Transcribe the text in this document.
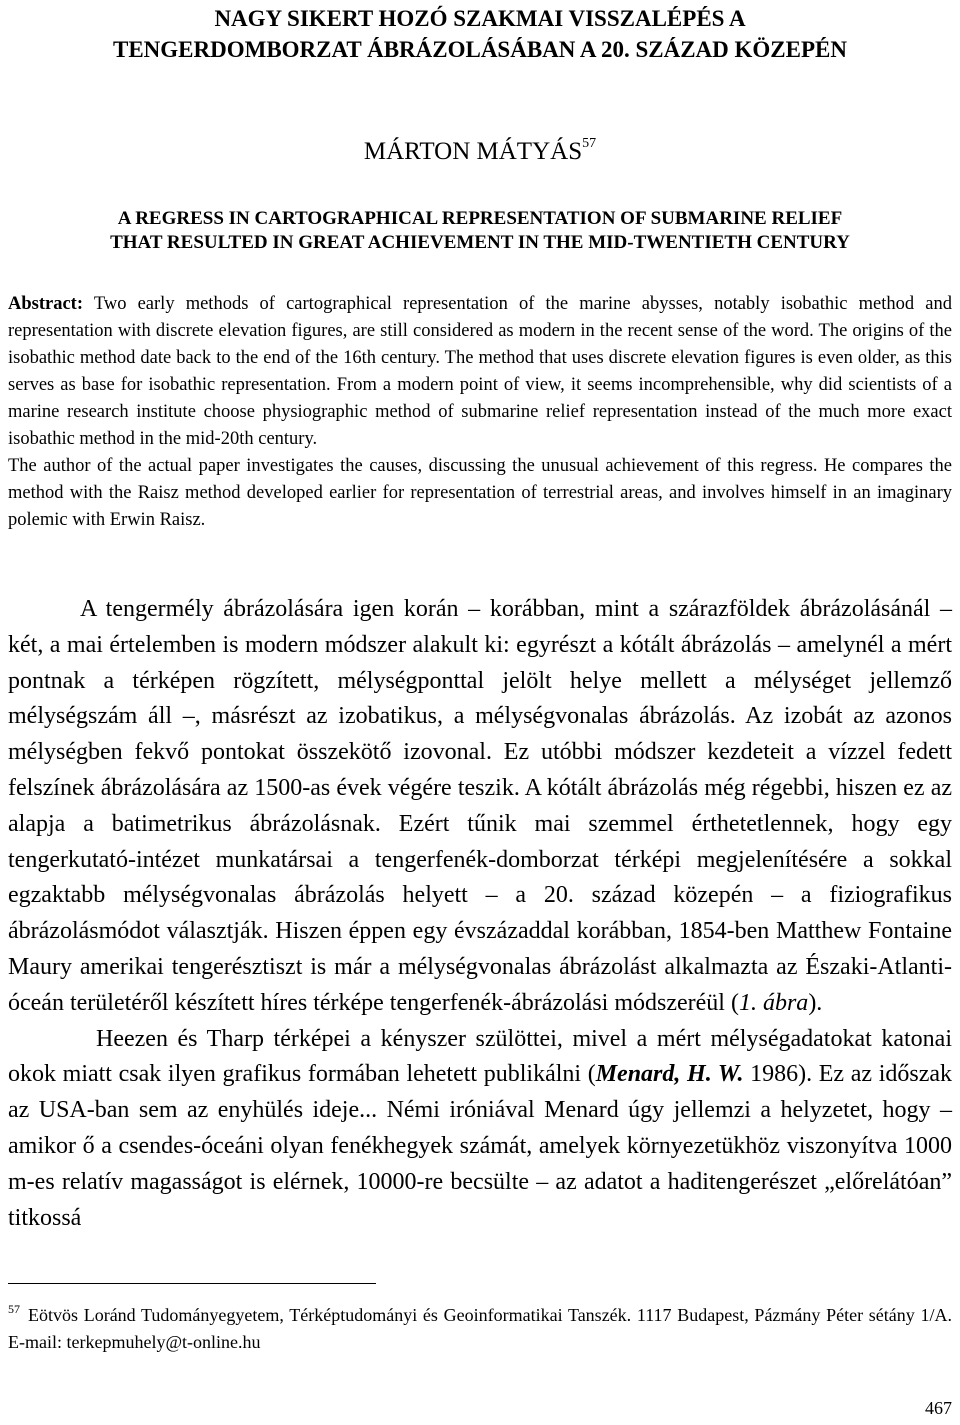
NAGY SIKERT HOZÓ SZAKMAI VISSZALÉPÉS A
TENGERDOMBORZAT ÁBRÁZOLÁSÁBAN A 20. SZÁZAD KÖZEPÉN
MÁRTON MÁTYÁS$^{57}$
A REGRESS IN CARTOGRAPHICAL REPRESENTATION OF SUBMARINE RELIEF
THAT RESULTED IN GREAT ACHIEVEMENT IN THE MID-TWENTIETH CENTURY

Abstract: Two early methods of cartographical representation of the marine abysses, notably isobathic method and representation with discrete elevation figures, are still considered as modern in the recent sense of the word. The origins of the isobathic method date back to the end of the 16th century. The method that uses discrete elevation figures is even older, as this serves as base for isobathic representation. From a modern point of view, it seems incomprehensible, why did scientists of a marine research institute choose physiographic method of submarine relief representation instead of the much more exact isobathic method in the mid-20th century.

The author of the actual paper investigates the causes, discussing the unusual achievement of this regress. He compares the method with the Raisz method developed earlier for representation of terrestrial areas, and involves himself in an imaginary polemic with Erwin Raisz.

A tengermély ábrázolására igen korán – korábban, mint a szárazföldek ábrázolásánál – két, a mai értelemben is modern módszer alakult ki: egyrészt a kótált ábrázolás – amelynél a mért pontnak a térképen rögzített, mélységponttal jelölt helye mellett a mélységet jellemző mélységszám áll –, másrészt az izobatikus, a mélységvonalas ábrázolás. Az izobát az azonos mélységben fekvő pontokat összekötő izovonal. Ez utóbbi módszer kezdeteit a vízzel fedett felszínek ábrázolására az 1500-as évek végére teszik. A kótált ábrázolás még régebbi, hiszen ez az alapja a batimetrikus ábrázolásnak. Ezért tűnik mai szemmel érthetetlennek, hogy egy tengerkutató-intézet munkatársai a tengerfenék-domborzat térképi megjelenítésére a sokkal egzaktabb mélységvonalas ábrázolás helyett – a 20. század közepén – a fiziografikus ábrázolásmódot választják. Hiszen éppen egy évszázaddal korábban, 1854-ben Matthew Fontaine Maury amerikai tengerésztiszt is már a mélységvonalas ábrázolást alkalmazta az Északi-Atlanti-óceán területéről készített híres térképe tengerfenék-ábrázolási módszeréül (1. ábra).

Heezen és Tharp térképei a kényszer szülöttei, mivel a mért mélységadatokat katonai okok miatt csak ilyen grafikus formában lehetett publikálni (Menard, H. W. 1986). Ez az időszak az USA-ban sem az enyhülés ideje... Némi iróniával Menard úgy jellemzi a helyzetet, hogy – amikor ő a csendes-óceáni olyan fenékhegyek számát, amelyek környezetükhöz viszonyítva 1000 m-es relatív magasságot is elérnek, 10000-re becsülte – az adatot a haditengerészet „előrelátóan” titkossá

$^{57}$ Eötvös Loránd Tudományegyetem, Térképtudományi és Geoinformatikai Tanszék. 1117 Budapest, Pázmány Péter sétány 1/A. E-mail: terkepmuhely@t-online.hu
467
